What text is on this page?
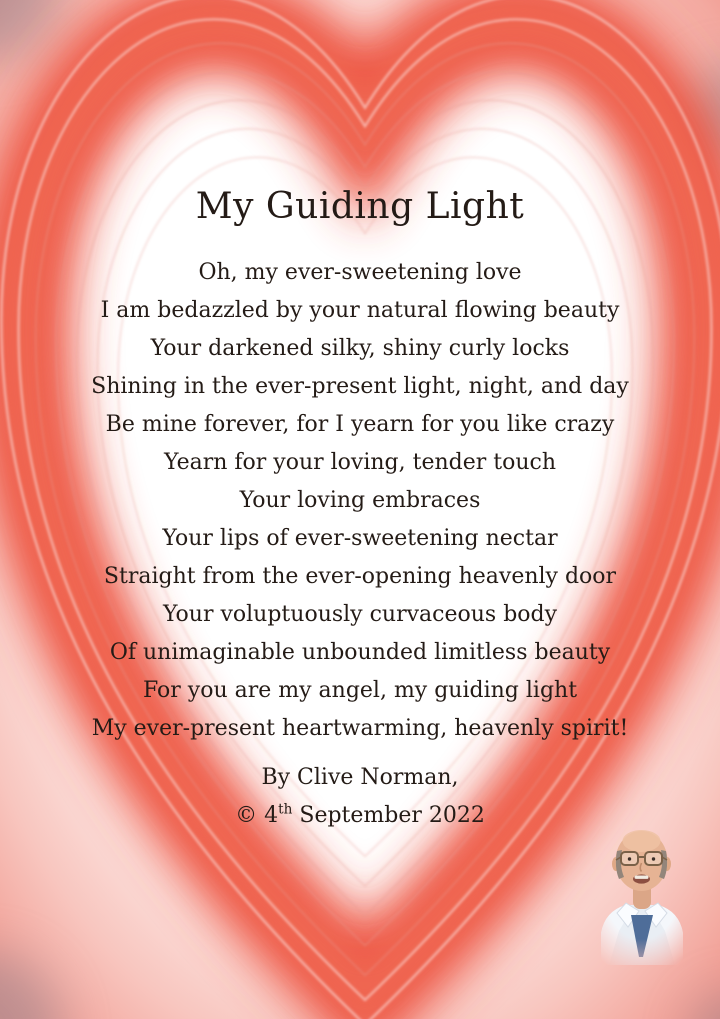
My Guiding Light
Oh, my ever-sweetening love
I am bedazzled by your natural flowing beauty
Your darkened silky, shiny curly locks
Shining in the ever-present light, night, and day
Be mine forever, for I yearn for you like crazy
Yearn for your loving, tender touch
Your loving embraces
Your lips of ever-sweetening nectar
Straight from the ever-opening heavenly door
Your voluptuously curvaceous body
Of unimaginable unbounded limitless beauty
For you are my angel, my guiding light
My ever-present heartwarming, heavenly spirit!
By Clive Norman,
© 4th September 2022
